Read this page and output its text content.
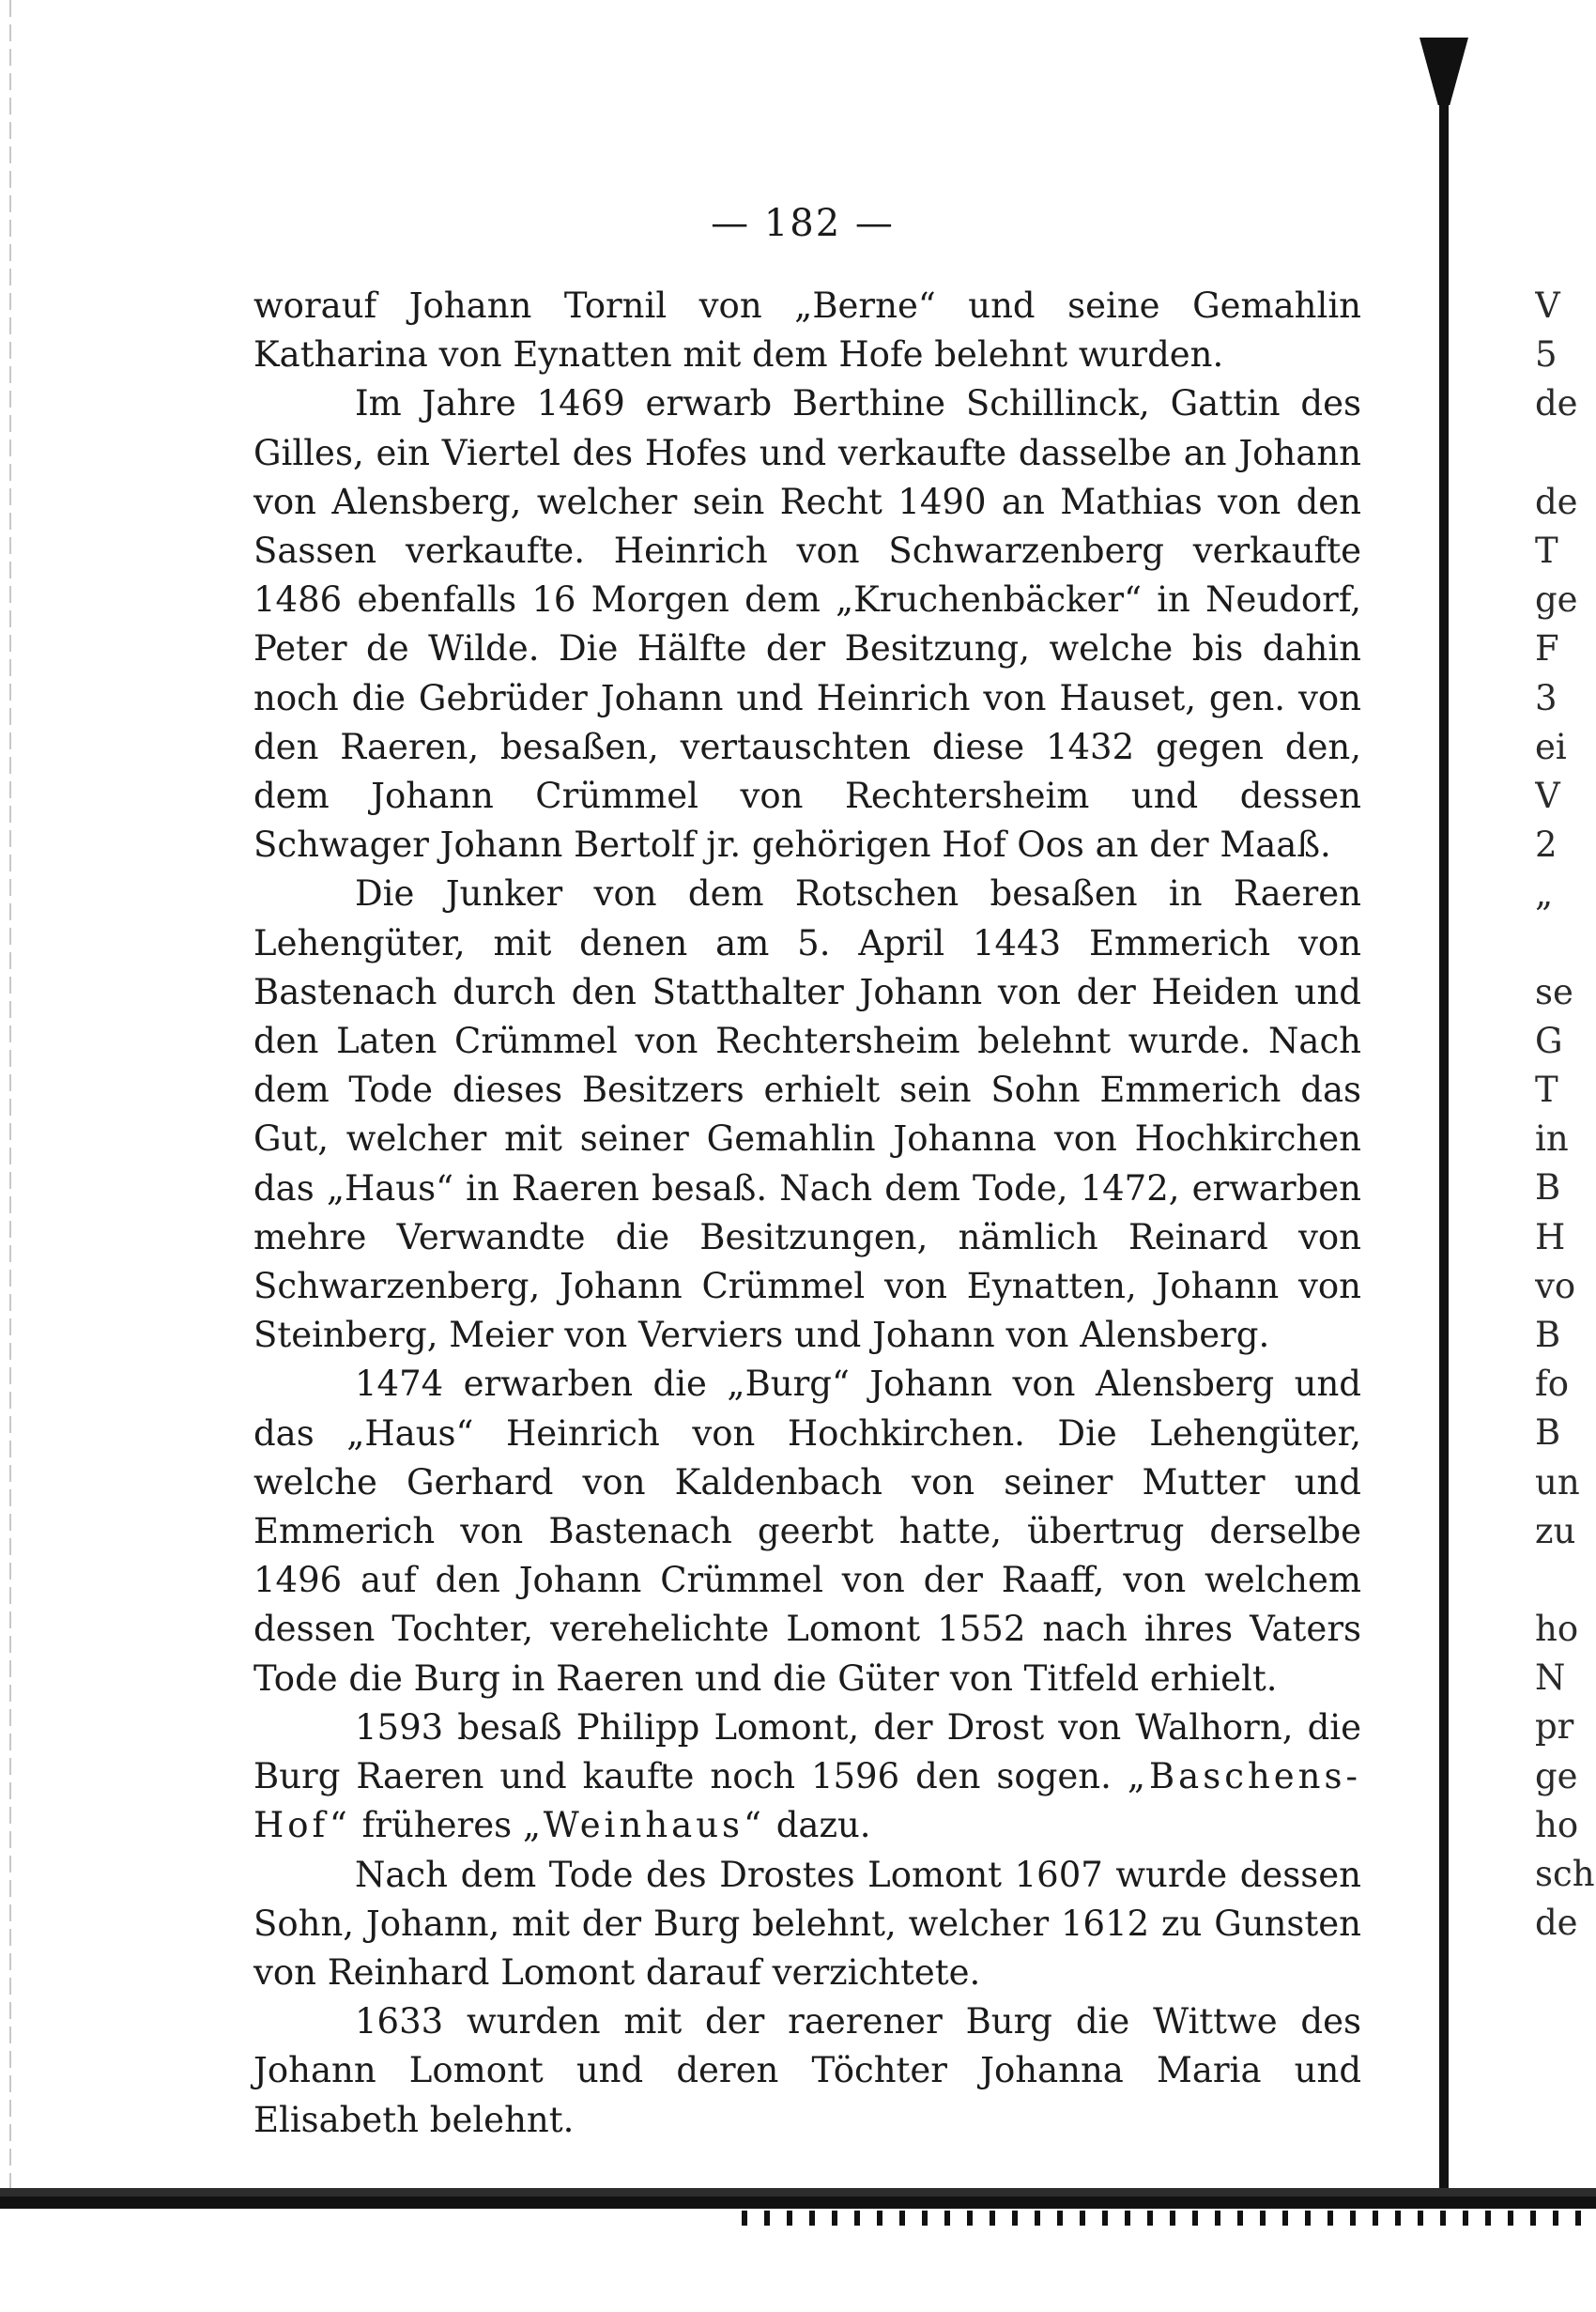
— 182 —

worauf Johann Tornil von „Berne“ und seine Gemahlin Katharina von Eynatten mit dem Hofe belehnt wurden.

Im Jahre 1469 erwarb Berthine Schillinck, Gattin des Gilles, ein Viertel des Hofes und verkaufte dasselbe an Johann von Alensberg, welcher sein Recht 1490 an Mathias von den Sassen verkaufte. Heinrich von Schwarzenberg verkaufte 1486 ebenfalls 16 Morgen dem „Kruchenbäcker“ in Neudorf, Peter de Wilde. Die Hälfte der Besitzung, welche bis dahin noch die Gebrüder Johann und Heinrich von Hauset, gen. von den Raeren, besaßen, vertauschten diese 1432 gegen den, dem Johann Crümmel von Rechtersheim und dessen Schwager Johann Bertolf jr. gehörigen Hof Oos an der Maaß.

Die Junker von dem Rotschen besaßen in Raeren Lehengüter, mit denen am 5. April 1443 Emmerich von Bastenach durch den Statthalter Johann von der Heiden und den Laten Crümmel von Rechtersheim belehnt wurde. Nach dem Tode dieses Besitzers erhielt sein Sohn Emmerich das Gut, welcher mit seiner Gemahlin Johanna von Hochkirchen das „Haus“ in Raeren besaß. Nach dem Tode, 1472, erwarben mehre Verwandte die Besitzungen, nämlich Reinard von Schwarzenberg, Johann Crümmel von Eynatten, Johann von Steinberg, Meier von Verviers und Johann von Alensberg.

1474 erwarben die „Burg“ Johann von Alensberg und das „Haus“ Heinrich von Hochkirchen. Die Lehengüter, welche Gerhard von Kaldenbach von seiner Mutter und Emmerich von Bastenach geerbt hatte, übertrug derselbe 1496 auf den Johann Crümmel von der Raaff, von welchem dessen Tochter, verehelichte Lomont 1552 nach ihres Vaters Tode die Burg in Raeren und die Güter von Titfeld erhielt.

1593 besaß Philipp Lomont, der Drost von Walhorn, die Burg Raeren und kaufte noch 1596 den sogen. „Baschens-Hof“ früheres „Weinhaus“ dazu.

Nach dem Tode des Drostes Lomont 1607 wurde dessen Sohn, Johann, mit der Burg belehnt, welcher 1612 zu Gunsten von Reinhard Lomont darauf verzichtete.

1633 wurden mit der raerener Burg die Wittwe des Johann Lomont und deren Töchter Johanna Maria und Elisabeth belehnt.

V
5
de
de
T
ge
F
3
ei
V
2
„
se
G
T
in
B
H
vo
B
fo
B
un
zu
ho
N
pr
ge
ho
sch
de
